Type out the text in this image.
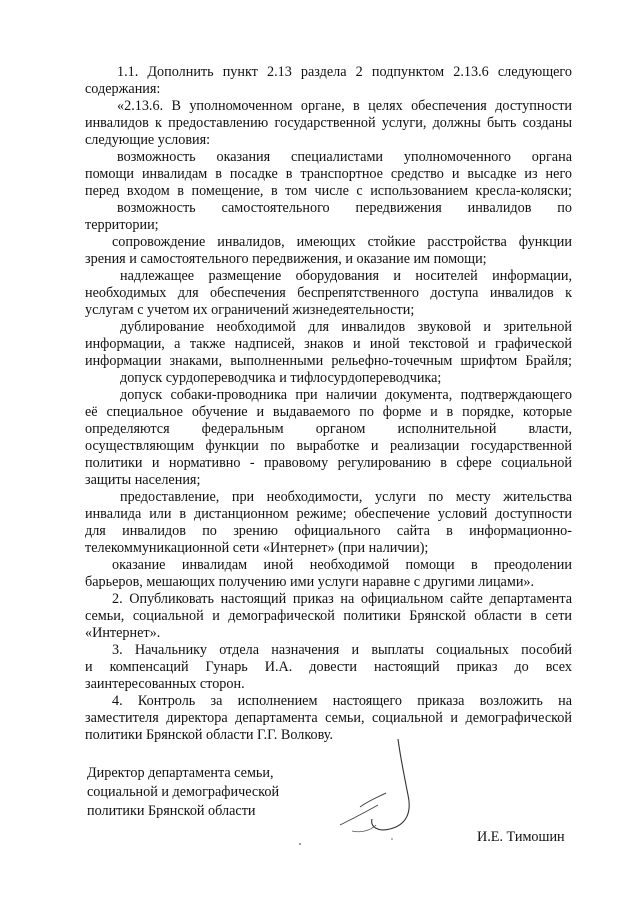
1.1. Дополнить пункт 2.13 раздела 2 подпунктом 2.13.6 следующего
содержания:
«2.13.6. В уполномоченном органе, в целях обеспечения доступности
инвалидов к предоставлению государственной услуги, должны быть созданы
следующие условия:
возможность оказания специалистами уполномоченного органа
помощи инвалидам в посадке в транспортное средство и высадке из него
перед входом в помещение, в том числе с использованием кресла-коляски;
возможность самостоятельного передвижения инвалидов по
территории;
сопровождение инвалидов, имеющих стойкие расстройства функции
зрения и самостоятельного передвижения, и оказание им помощи;
надлежащее размещение оборудования и носителей информации,
необходимых для обеспечения беспрепятственного доступа инвалидов к
услугам с учетом их ограничений жизнедеятельности;
дублирование необходимой для инвалидов звуковой и зрительной
информации, а также надписей, знаков и иной текстовой и графической
информации знаками, выполненными рельефно-точечным шрифтом Брайля;
допуск сурдопереводчика и тифлосурдопереводчика;
допуск собаки-проводника при наличии документа, подтверждающего
её специальное обучение и выдаваемого по форме и в порядке, которые
определяются федеральным органом исполнительной власти,
осуществляющим функции по выработке и реализации государственной
политики и нормативно - правовому регулированию в сфере социальной
защиты населения;
предоставление, при необходимости, услуги по месту жительства
инвалида или в дистанционном режиме; обеспечение условий доступности
для инвалидов по зрению официального сайта в информационно-
телекоммуникационной сети «Интернет» (при наличии);
оказание инвалидам иной необходимой помощи в преодолении
барьеров, мешающих получению ими услуги наравне с другими лицами».
2. Опубликовать настоящий приказ на официальном сайте департамента
семьи, социальной и демографической политики Брянской области в сети
«Интернет».
3. Начальнику отдела назначения и выплаты социальных пособий
и компенсаций Гунарь И.А. довести настоящий приказ до всех
заинтересованных сторон.
4. Контроль за исполнением настоящего приказа возложить на
заместителя директора департамента семьи, социальной и демографической
политики Брянской области Г.Г. Волкову.
Директор департамента семьи,
социальной и демографической
политики Брянской области
И.Е. Тимошин
